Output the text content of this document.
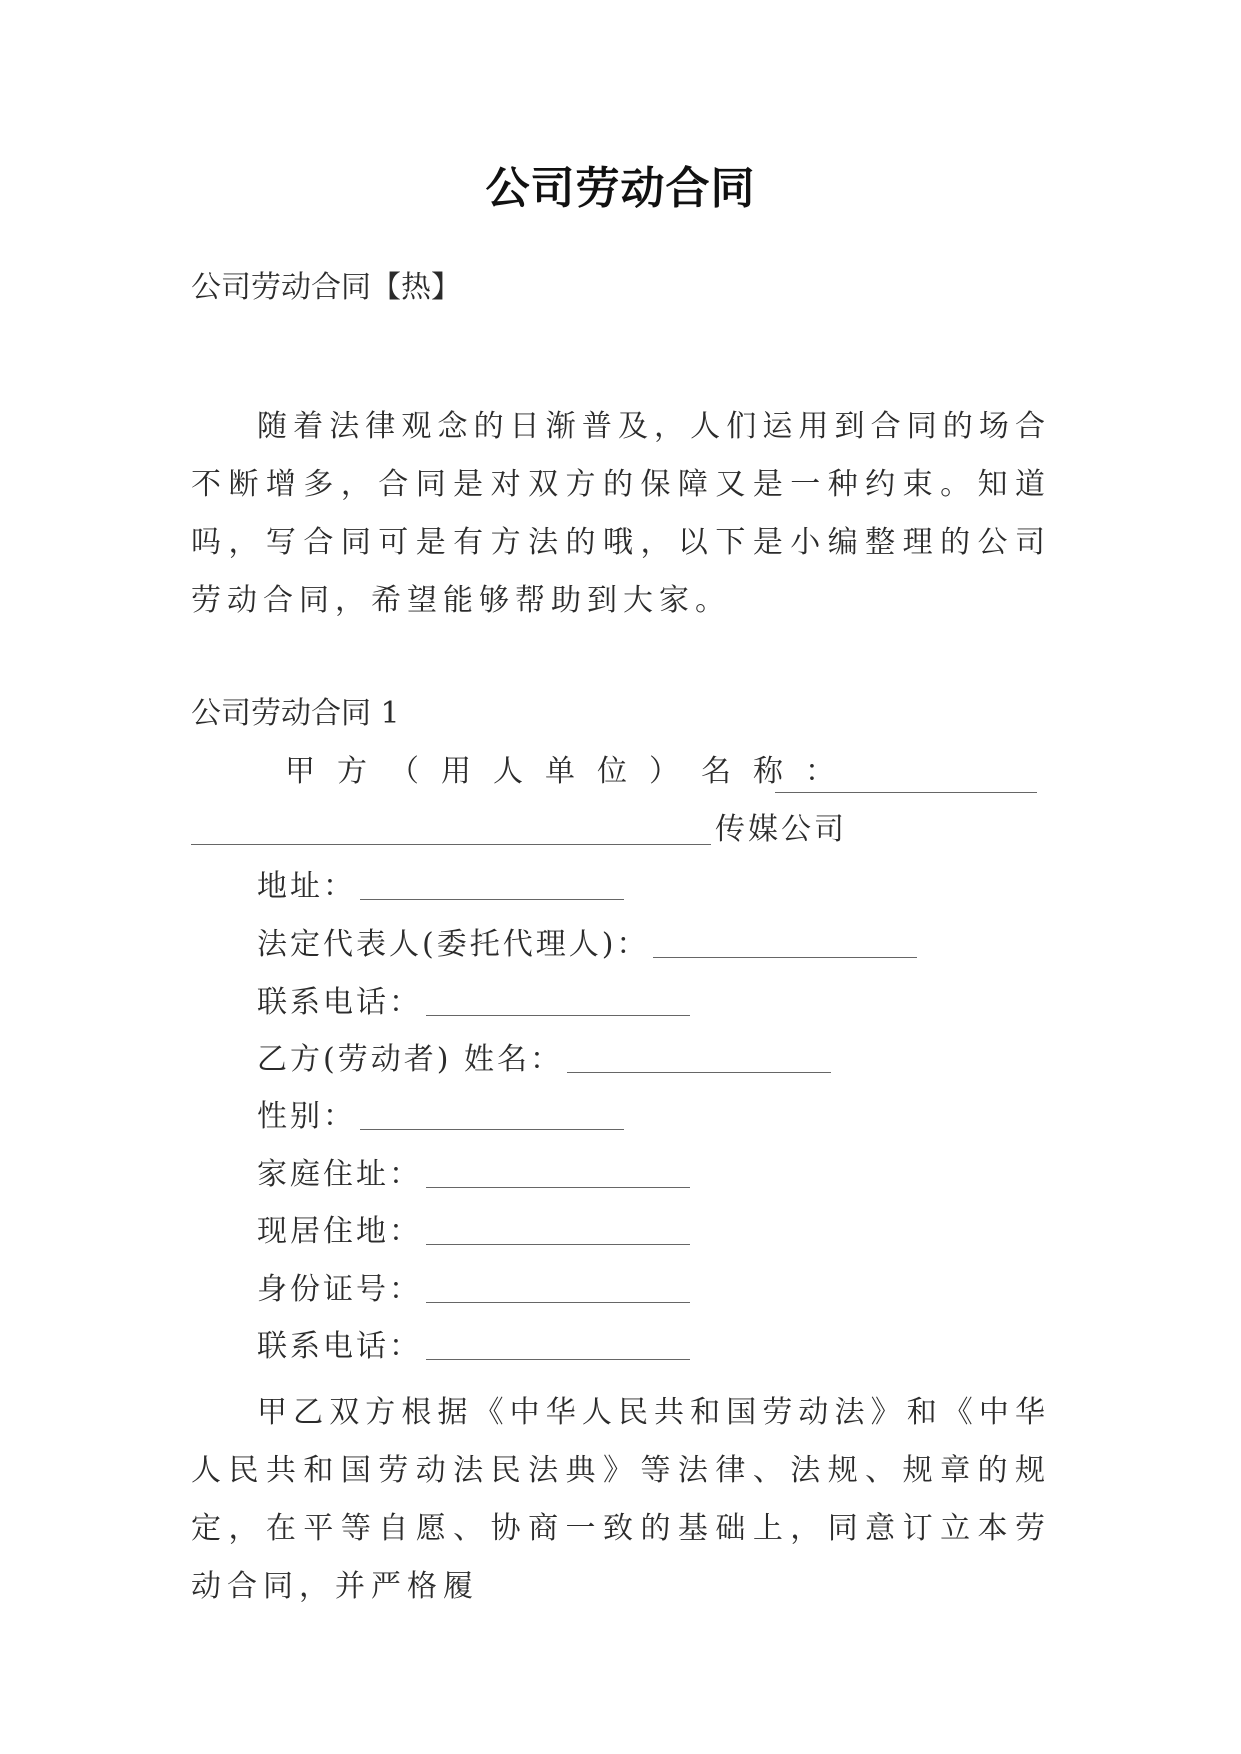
公司劳动合同
公司劳动合同【热】
随着法律观念的日渐普及，人们运用到合同的场合不断增多，合同是对双方的保障又是一种约束。知道吗，写合同可是有方法的哦，以下是小编整理的公司劳动合同，希望能够帮助到大家。
公司劳动合同 1
甲方（用人单位）名称：
传媒公司
地址：
法定代表人(委托代理人)：
联系电话：
乙方(劳动者) 姓名：
性别：
家庭住址：
现居住地：
身份证号：
联系电话：
甲乙双方根据《中华人民共和国劳动法》和《中华人民共和国劳动法民法典》等法律、法规、规章的规定，在平等自愿、协商一致的基础上，同意订立本劳动合同，并严格履
